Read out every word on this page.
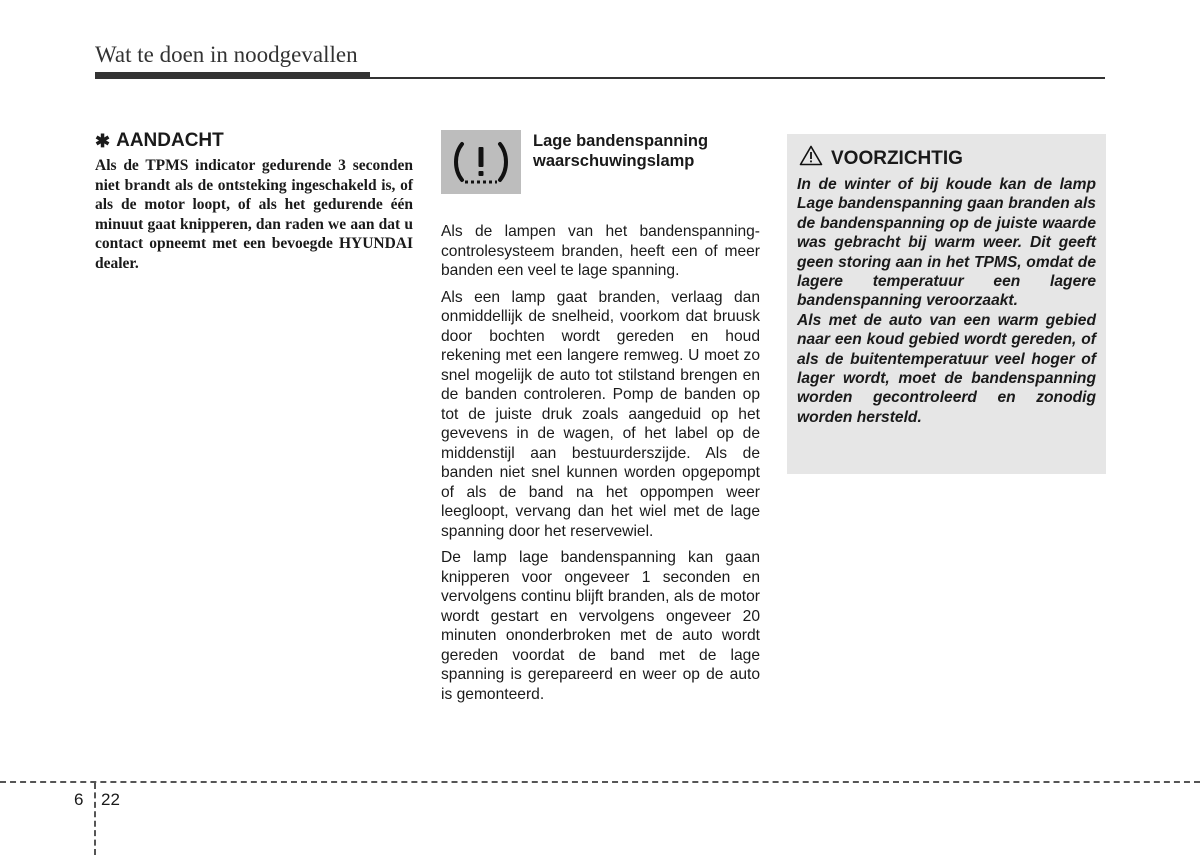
Wat te doen in noodgevallen
✱ AANDACHT

Als de TPMS indicator gedurende 3 seconden niet brandt als de ontsteking ingeschakeld is, of als de motor loopt, of als het gedurende één minuut gaat knipperen, dan raden we aan dat u contact opneemt met een bevoegde HYUNDAI dealer.

Lage bandenspanning waarschuwingslamp

Als de lampen van het bandenspanning-controlesysteem branden, heeft een of meer banden een veel te lage spanning.

Als een lamp gaat branden, verlaag dan onmiddellijk de snelheid, voorkom dat bruusk door bochten wordt gereden en houd rekening met een langere remweg. U moet zo snel mogelijk de auto tot stilstand brengen en de banden controleren. Pomp de banden op tot de juiste druk zoals aangeduid op het gevevens in de wagen, of het label op de middenstijl aan bestuurderszijde. Als de banden niet snel kunnen worden opgepompt of als de band na het oppompen weer leegloopt, vervang dan het wiel met de lage spanning door het reservewiel.

De lamp lage bandenspanning kan gaan knipperen voor ongeveer 1 seconden en vervolgens continu blijft branden, als de motor wordt gestart en vervolgens ongeveer 20 minuten ononderbroken met de auto wordt gereden voordat de band met de lage spanning is gerepareerd en weer op de auto is gemonteerd.

VOORZICHTIG

In de winter of bij koude kan de lamp Lage bandenspanning gaan branden als de bandenspanning op de juiste waarde was gebracht bij warm weer. Dit geeft geen storing aan in het TPMS, omdat de lagere temperatuur een lagere bandenspanning veroorzaakt.

Als met de auto van een warm gebied naar een koud gebied wordt gereden, of als de buitentemperatuur veel hoger of lager wordt, moet de bandenspanning worden gecontroleerd en zonodig worden hersteld.

6 22
